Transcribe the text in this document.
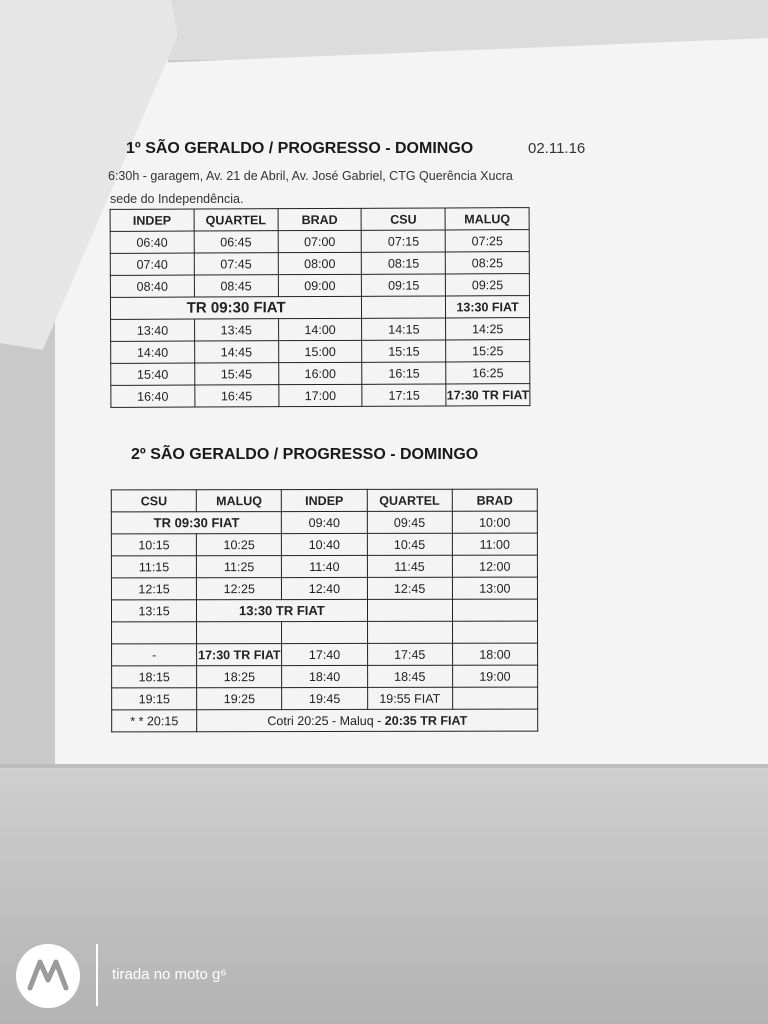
1º SÃO GERALDO / PROGRESSO - DOMINGO	02.11.16
6:30h - garagem, Av. 21 de Abril, Av. José Gabriel, CTG Querência Xucra
sede do Independência.
INDEP	QUARTEL	BRAD	CSU	MALUQ
06:40	06:45	07:00	07:15	07:25
07:40	07:45	08:00	08:15	08:25
08:40	08:45	09:00	09:15	09:25
TR 09:30 FIAT				13:30 FIAT
13:40	13:45	14:00	14:15	14:25
14:40	14:45	15:00	15:15	15:25
15:40	15:45	16:00	16:15	16:25
16:40	16:45	17:00	17:15	17:30 TR FIAT
2º SÃO GERALDO / PROGRESSO - DOMINGO
CSU	MALUQ	INDEP	QUARTEL	BRAD
TR 09:30 FIAT		09:40	09:45	10:00
10:15	10:25	10:40	10:45	11:00
11:15	11:25	11:40	11:45	12:00
12:15	12:25	12:40	12:45	13:00
13:15	13:30 TR FIAT			

-	17:30 TR FIAT	17:40	17:45	18:00
18:15	18:25	18:40	18:45	19:00
19:15	19:25	19:45	19:55 FIAT	
* * 20:15	Cotri 20:25 - Maluq - 20:35 TR FIAT			
tirada no moto g⁶
